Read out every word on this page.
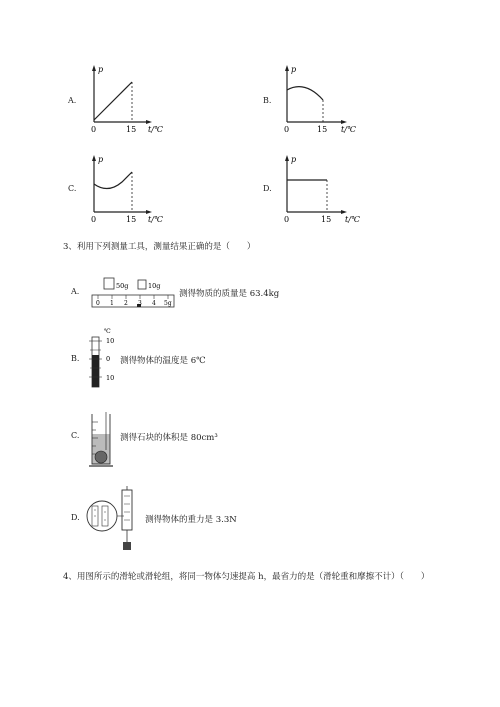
A.
p
0	15 t/℃
B.
p
0	15 t/℃
C.
p
0	15 t/℃
D.
p
0	15 t/℃
3、利用下列测量工具，测量结果正确的是（　　）
A.
50g	10g
0 1 2 3 4 5g
测得物质的质量是 63.4kg
B.
℃
10
0
10
测得物体的温度是 6℃
C.	测得石块的体积是 80cm³
D.	测得物体的重力是 3.3N
4、用图所示的滑轮或滑轮组，将同一物体匀速提高 h，最省力的是（滑轮重和摩擦不计）（　　）
